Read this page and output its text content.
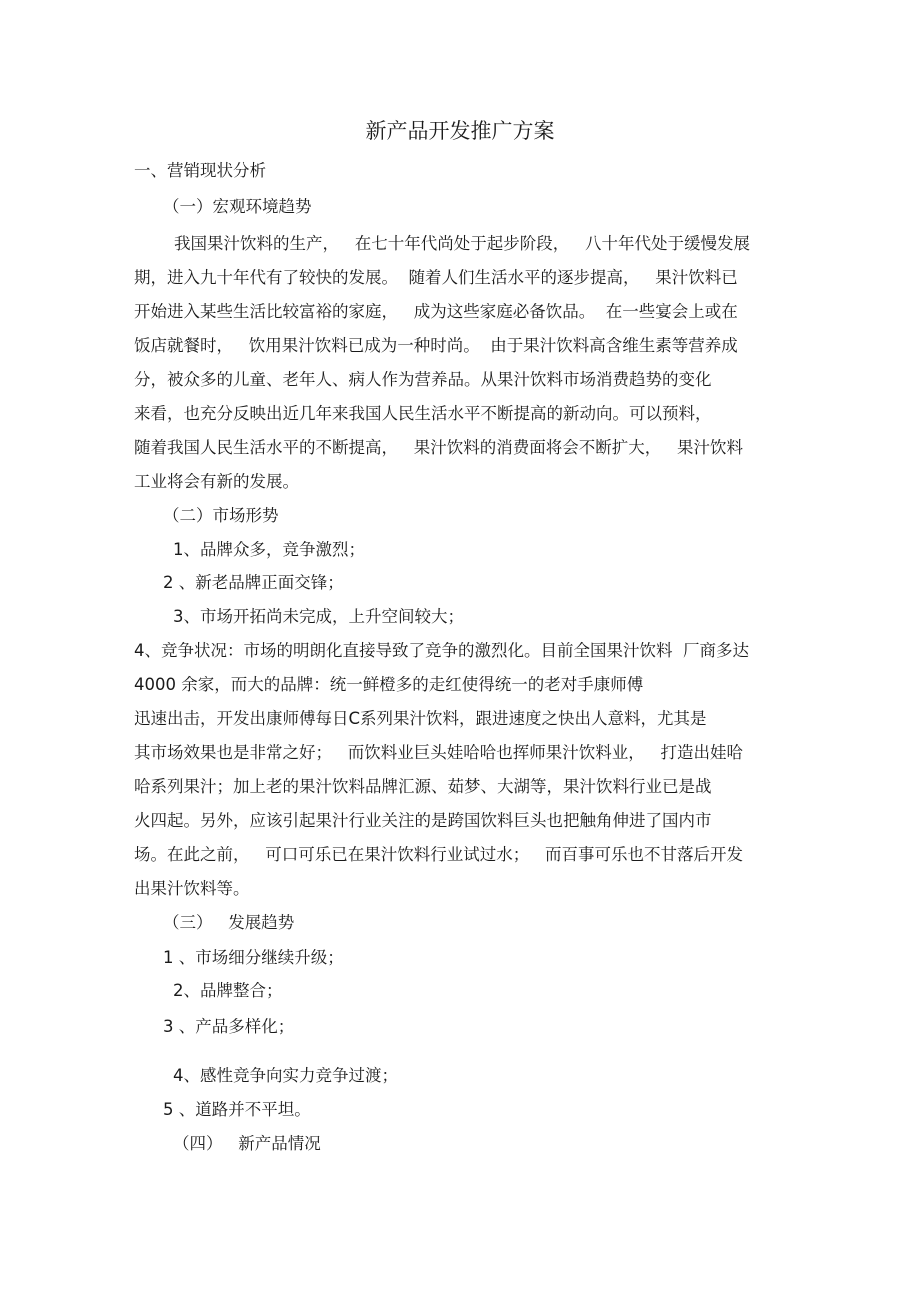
新产品开发推广方案

一、营销现状分析

（一）宏观环境趋势

我国果汁饮料的生产，   在七十年代尚处于起步阶段，   八十年代处于缓慢发展

期，进入九十年代有了较快的发展。  随着人们生活水平的逐步提高，   果汁饮料已

开始进入某些生活比较富裕的家庭，   成为这些家庭必备饮品。  在一些宴会上或在

饭店就餐时，   饮用果汁饮料已成为一种时尚。  由于果汁饮料高含维生素等营养成

分，被众多的儿童、老年人、病人作为营养品。从果汁饮料市场消费趋势的变化

来看，也充分反映出近几年来我国人民生活水平不断提高的新动向。可以预料，

随着我国人民生活水平的不断提高，   果汁饮料的消费面将会不断扩大，   果汁饮料

工业将会有新的发展。

（二）市场形势

1、品牌众多，竞争激烈；

2 、新老品牌正面交锋；

3、市场开拓尚未完成，上升空间较大；

4、竞争状况：市场的明朗化直接导致了竞争的激烈化。目前全国果汁饮料  厂商多达

4000 余家，而大的品牌：统一鲜橙多的走红使得统一的老对手康师傅

迅速出击，开发出康师傅每日C系列果汁饮料，跟进速度之快出人意料，尤其是

其市场效果也是非常之好；   而饮料业巨头娃哈哈也挥师果汁饮料业，   打造出娃哈

哈系列果汁；加上老的果汁饮料品牌汇源、茹梦、大湖等，果汁饮料行业已是战

火四起。另外，应该引起果汁行业关注的是跨国饮料巨头也把触角伸进了国内市

场。在此之前，   可口可乐已在果汁饮料行业试过水；   而百事可乐也不甘落后开发

出果汁饮料等。

（三）   发展趋势

1 、市场细分继续升级；

2、品牌整合；

3 、产品多样化；

4、感性竞争向实力竞争过渡；

5 、道路并不平坦。

（四）   新产品情况
